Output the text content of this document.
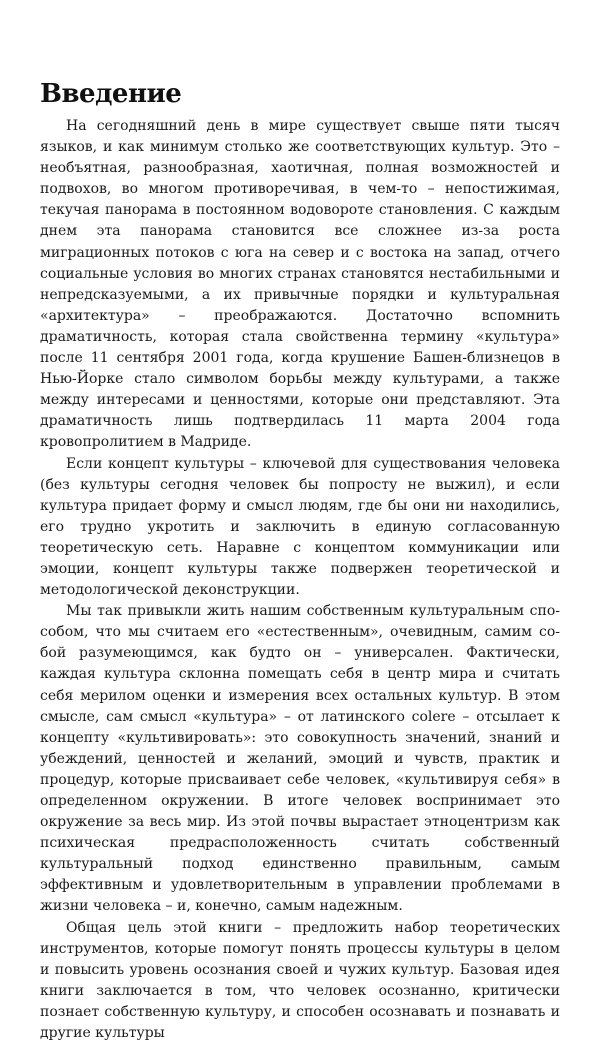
Введение

На сегодняшний день в мире существует свыше пяти тысяч языков, и как минимум столько же соответствующих культур. Это – необъятная, разнообразная, хаотичная, полная возможностей и подвохов, во многом противоречивая, в чем-то – непостижимая, текучая панорама в постоянном водовороте становления. С каждым днем эта панорама становится все сложнее из-за роста миграционных потоков с юга на север и с востока на запад, отчего социальные условия во многих странах становятся нестабильными и непредсказуемыми, а их привычные порядки и культуральная «архитектура» – преображаются. Достаточно вспомнить драматичность, которая стала свойственна термину «культура» после 11 сентября 2001 года, когда крушение Башен-близнецов в Нью-Йорке стало символом борьбы между культурами, а также между интересами и ценностями, которые они представляют. Эта драматичность лишь подтвердилась 11 марта 2004 года кровопролитием в Мадриде.

Если концепт культуры – ключевой для существования человека (без культуры сегодня человек бы попросту не выжил), и если культура придает форму и смысл людям, где бы они ни находились, его трудно укротить и заключить в единую согласованную теоретическую сеть. Наравне с концептом коммуникации или эмоции, концепт культуры также подвержен теоретической и методологической деконструкции.

Мы так привыкли жить нашим собственным культуральным способом, что мы считаем его «естественным», очевидным, самим собой разумеющимся, как будто он – универсален. Фактически, каждая культура склонна помещать себя в центр мира и считать себя мерилом оценки и измерения всех остальных культур. В этом смысле, сам смысл «культура» – от латинского colere – отсылает к концепту «культивировать»: это совокупность значений, знаний и убеждений, ценностей и желаний, эмоций и чувств, практик и процедур, которые присваивает себе человек, «культивируя себя» в определенном окружении. В итоге человек воспринимает это окружение за весь мир. Из этой почвы вырастает этноцентризм как психическая предрасположенность считать собственный культуральный подход единственно правильным, самым эффективным и удовлетворительным в управлении проблемами в жизни человека – и, конечно, самым надежным.

Общая цель этой книги – предложить набор теоретических инструментов, которые помогут понять процессы культуры в целом и повысить уровень осознания своей и чужих культур. Базовая идея книги заключается в том, что человек осознанно, критически познает собственную культуру, и способен осознавать и познавать и другие культуры
